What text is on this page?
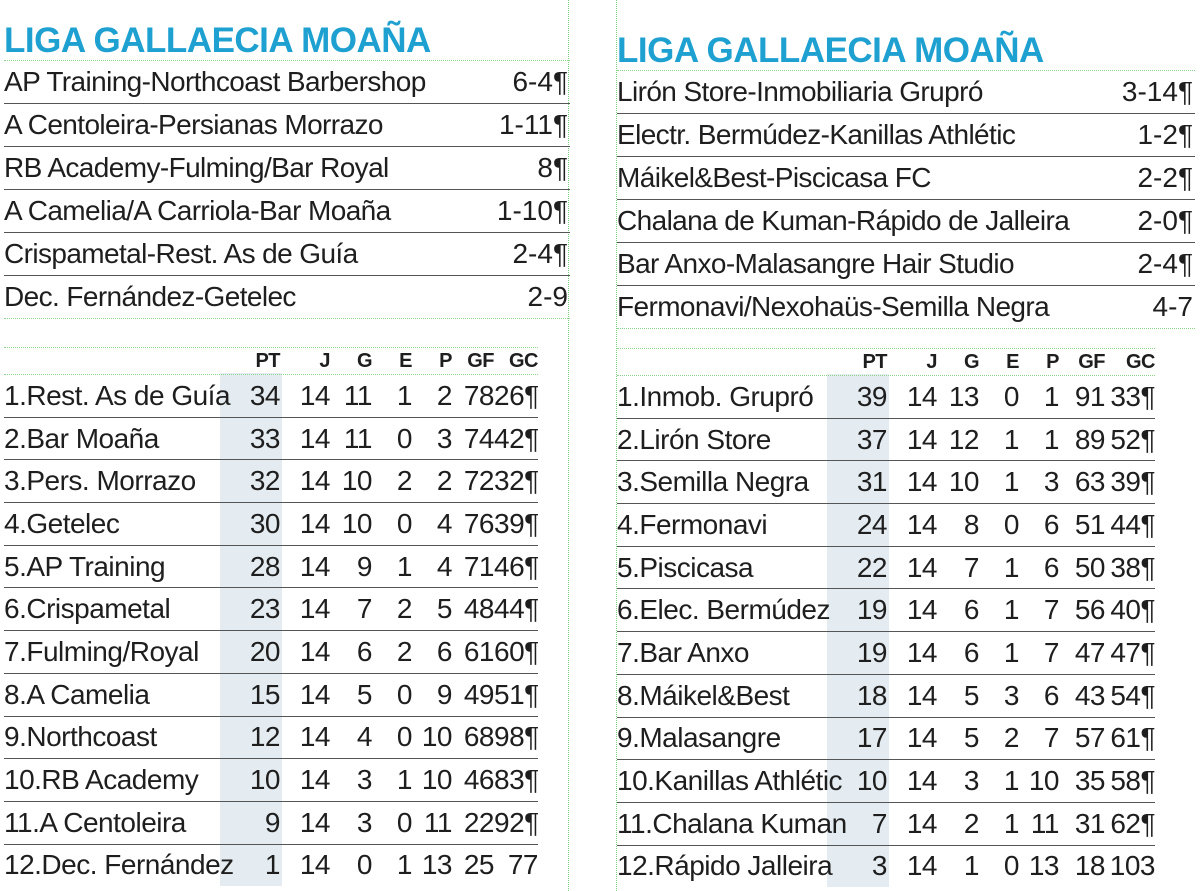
LIGA GALLAECIA MOAÑA
AP Training-Northcoast Barbershop	6-4¶
A Centoleira-Persianas Morrazo	1-11¶
RB Academy-Fulming/Bar Royal	8¶
A Camelia/A Carriola-Bar Moaña	1-10¶
Crispametal-Rest. As de Guía	2-4¶
Dec. Fernández-Getelec	2-9
PT	J	G	E	P GF GC
1.Rest. As de Guía 34 14 11 1 2 78 26¶
2.Bar Moaña	33 14 11 0 3 74 42¶
3.Pers. Morrazo	32 14 10 2 2 72 32¶
4.Getelec	30 14 10 0 4 76 39¶
5.AP Training	28 14 9 1 4 71 46¶
6.Crispametal	23 14 7 2 5 48 44¶
7.Fulming/Royal	20 14 6 2 6 61 60¶
8.A Camelia	15 14 5 0 9 49 51¶
9.Northcoast	12 14 4 0 10 68 98¶
10.RB Academy	10 14 3 1 10 46 83¶
11.A Centoleira	9 14 3 0 11 22 92¶
12.Dec. Fernández	1 14 0 1 13 25 77
LIGA GALLAECIA MOAÑA
Lirón Store-Inmobiliaria Grupró	3-14¶
Electr. Bermúdez-Kanillas Athlétic	1-2¶
Máikel&Best-Piscicasa FC	2-2¶
Chalana de Kuman-Rápido de Jalleira 2-0¶
Bar Anxo-Malasangre Hair Studio	2-4¶
Fermonavi/Nexohaüs-Semilla Negra	4-7
PT	J	G	E	P GF	GC
1.Inmob. Grupró	39 14 13 0 1 91 33¶
2.Lirón Store	37 14 12 1 1 89 52¶
3.Semilla Negra	31 14 10 1 3 63 39¶
4.Fermonavi	24 14 8 0 6 51 44¶
5.Piscicasa	22 14 7 1 6 50 38¶
6.Elec. Bermúdez 19 14 6 1 7 56 40¶
7.Bar Anxo	19 14 6 1 7 47 47¶
8.Máikel&Best	18 14 5 3 6 43 54¶
9.Malasangre	17 14 5 2 7 57 61¶
10.Kanillas Athlétic 10 14 3 1 10 35 58¶
11.Chalana Kuman 7 14 2 1 11 31 62¶
12.Rápido Jalleira	3 14 1 0 13 18 103
